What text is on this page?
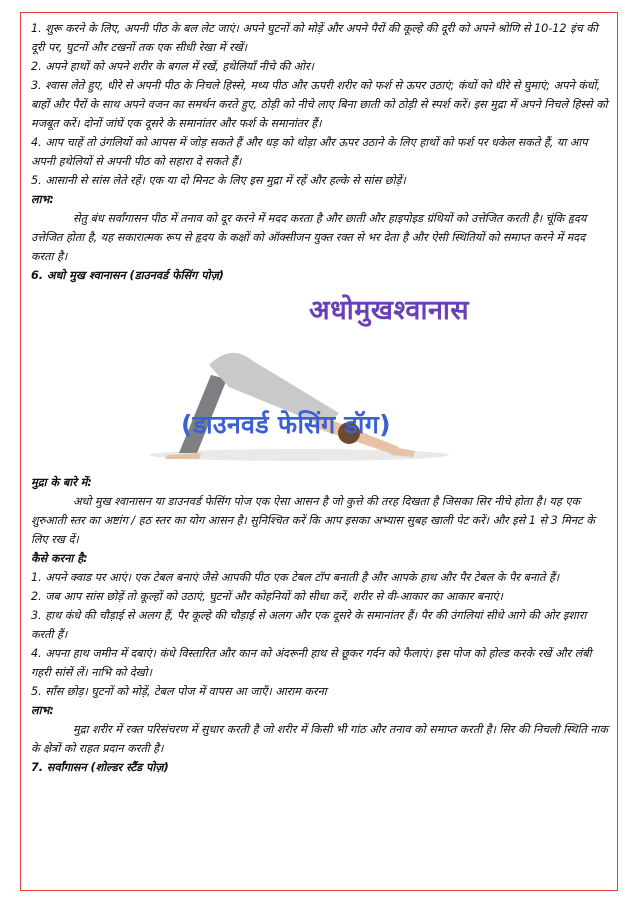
1. शुरू करने के लिए, अपनी पीठ के बल लेट जाएं। अपने घुटनों को मोड़ें और अपने पैरों की कूल्हे की दूरी को अपने श्रोणि से 10-12 इंच की दूरी पर, घुटनों और टखनों तक एक सीधी रेखा में रखें।

2. अपने हाथों को अपने शरीर के बगल में रखें, हथेलियाँ नीचे की ओर।

3. श्वास लेते हुए, धीरे से अपनी पीठ के निचले हिस्से, मध्य पीठ और ऊपरी शरीर को फर्श से ऊपर उठाएं; कंधों को धीरे से घुमाएं; अपने कंधों, बाहों और पैरों के साथ अपने वजन का समर्थन करते हुए, ठोड़ी को नीचे लाए बिना छाती को ठोड़ी से स्पर्श करें। इस मुद्रा में अपने निचले हिस्से को मजबूत करें। दोनों जांघें एक दूसरे के समानांतर और फर्श के समानांतर हैं।

4. आप चाहें तो उंगलियों को आपस में जोड़ सकते हैं और धड़ को थोड़ा और ऊपर उठाने के लिए हाथों को फर्श पर धकेल सकते हैं, या आप अपनी हथेलियों से अपनी पीठ को सहारा दे सकते हैं।

5. आसानी से सांस लेते रहें। एक या दो मिनट के लिए इस मुद्रा में रहें और हल्के से सांस छोड़ें।

लाभ:

सेतु बंध सर्वांगासन पीठ में तनाव को दूर करने में मदद करता है और छाती और हाइपोइड ग्रंथियों को उत्तेजित करती है। चूंकि हृदय उत्तेजित होता है, यह सकारात्मक रूप से हृदय के कक्षों को ऑक्सीजन युक्त रक्त से भर देता है और ऐसी स्थितियों को समाप्त करने में मदद करता है।

6. अधो मुख श्वानासन (डाउनवर्ड फेसिंग पोज़)

अधोमुखश्वानास
(डाउनवर्ड फेसिंग डॉग)

मुद्रा के बारे में:

अधो मुख श्वानासन या डाउनवर्ड फेसिंग पोज एक ऐसा आसन है जो कुत्ते की तरह दिखता है जिसका सिर नीचे होता है। यह एक शुरुआती स्तर का अष्टांग / हठ स्तर का योग आसन है। सुनिश्चित करें कि आप इसका अभ्यास सुबह खाली पेट करें। और इसे 1 से 3 मिनट के लिए रख दें।

कैसे करना है:

1. अपने क्वाड पर आएं। एक टेबल बनाएं जैसे आपकी पीठ एक टेबल टॉप बनाती है और आपके हाथ और पैर टेबल के पैर बनाते हैं।

2. जब आप सांस छोड़ें तो कूल्हों को उठाएं, घुटनों और कोहनियों को सीधा करें, शरीर से वी-आकार का आकार बनाएं।

3. हाथ कंधे की चौड़ाई से अलग हैं, पैर कूल्हे की चौड़ाई से अलग और एक दूसरे के समानांतर हैं। पैर की उंगलियां सीधे आगे की ओर इशारा करती हैं।

4. अपना हाथ जमीन में दबाएं। कंधे विस्तारित और कान को अंदरूनी हाथ से छूकर गर्दन को फैलाएं। इस पोज को होल्ड करके रखें और लंबी गहरी सांसें लें। नाभि को देखो।

5. साँस छोड़। घुटनों को मोड़ें, टेबल पोज में वापस आ जाएँ। आराम करना

लाभ:

मुद्रा शरीर में रक्त परिसंचरण में सुधार करती है जो शरीर में किसी भी गांठ और तनाव को समाप्त करती है। सिर की निचली स्थिति नाक के क्षेत्रों को राहत प्रदान करती है।

7. सर्वांगासन (शोल्डर स्टैंड पोज़)
